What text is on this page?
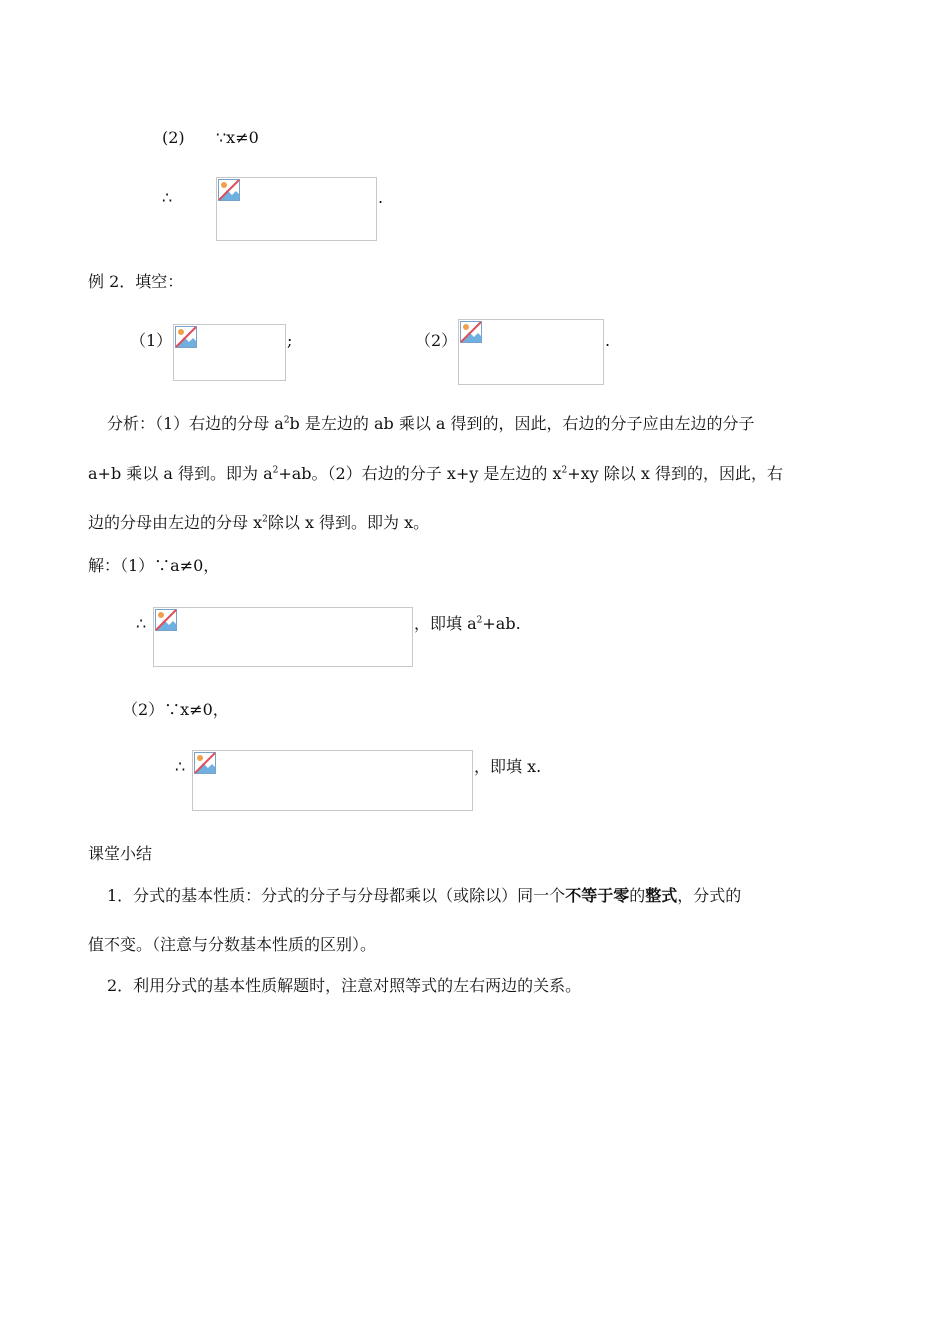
(2) ∵x≠0
∴	.
例 2．填空：
（1）	;	（2）	.
分析：（1）右边的分母 $a^2b$ 是左边的 ab 乘以 a 得到的，因此，右边的分子应由左边的分子
a+b 乘以 a 得到。即为 $a^2+ab$。（2）右边的分子 x+y 是左边的 $x^2+xy$ 除以 x 得到的，因此，右
边的分母由左边的分母 $x^2$除以 x 得到。即为 x。
解：（1）∵a≠0，
∴	，即填 $a^2+ab$.
（2）∵x≠0，
∴	，即填 x.
课堂小结
1．分式的基本性质：分式的分子与分母都乘以（或除以）同一个不等于零的整式，分式的
值不变。（注意与分数基本性质的区别）。
2．利用分式的基本性质解题时，注意对照等式的左右两边的关系。
